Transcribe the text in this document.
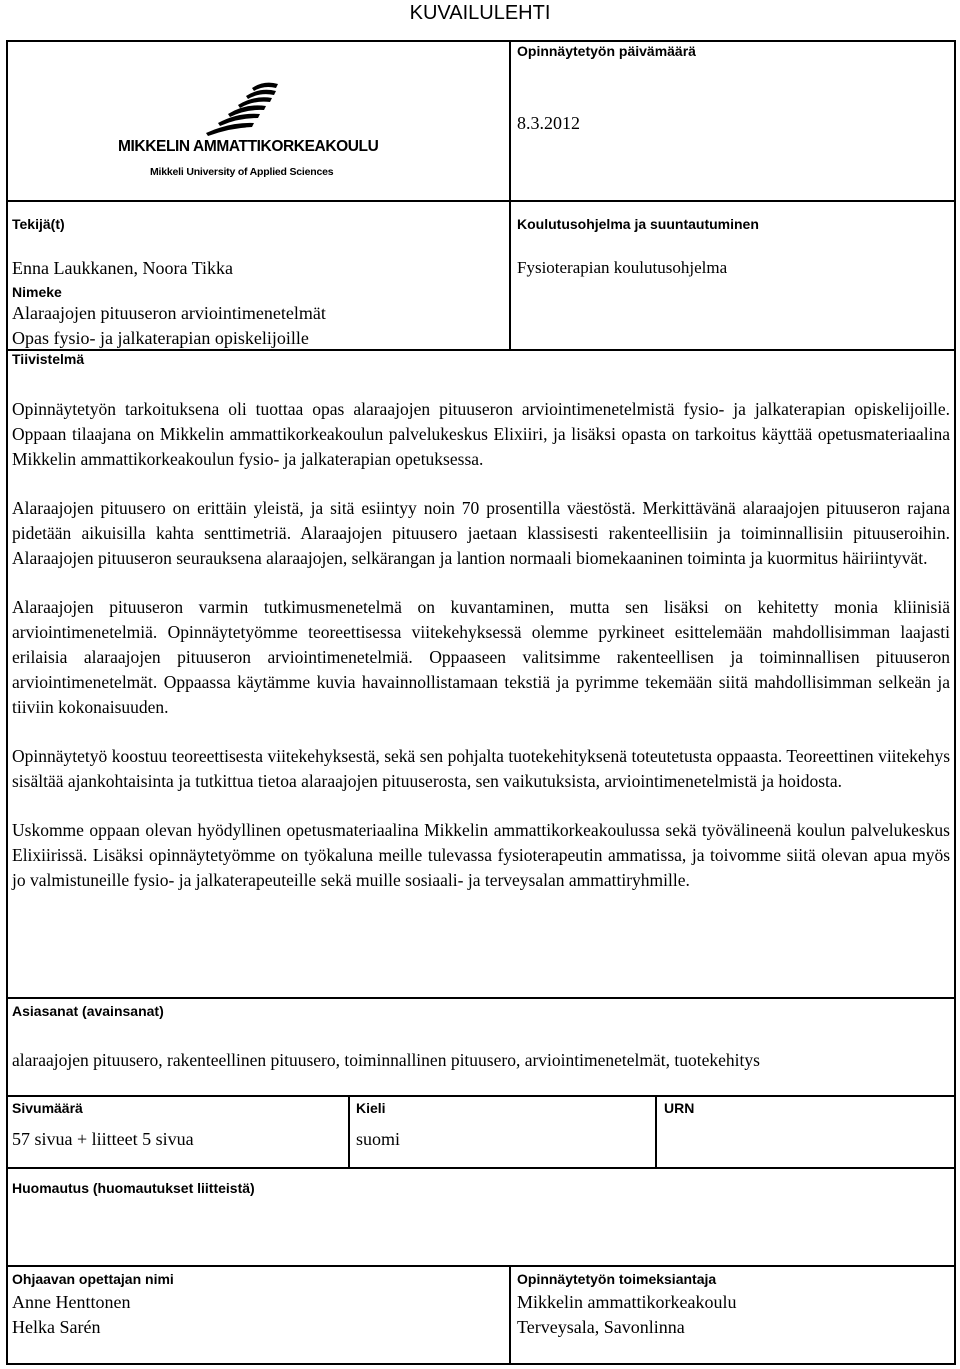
KUVAILULEHTI
MIKKELIN AMMATTIKORKEAKOULU
Mikkeli University of Applied Sciences
Opinnäytetyön päivämäärä
8.3.2012
Tekijä(t)
Enna Laukkanen, Noora Tikka
Koulutusohjelma ja suuntautuminen
Fysioterapian koulutusohjelma
Nimeke
Alaraajojen pituuseron arviointimenetelmät
Opas fysio- ja jalkaterapian opiskelijoille
Tiivistelmä

Opinnäytetyön tarkoituksena oli tuottaa opas alaraajojen pituuseron arviointimenetelmistä fysio- ja jalkaterapian opiskelijoille. Oppaan tilaajana on Mikkelin ammattikorkeakoulun palvelukeskus Elixiiri, ja lisäksi opasta on tarkoitus käyttää opetusmateriaalina Mikkelin ammattikorkeakoulun fysio- ja jalkaterapian opetuksessa.

Alaraajojen pituusero on erittäin yleistä, ja sitä esiintyy noin 70 prosentilla väestöstä. Merkittävänä alaraajojen pituuseron rajana pidetään aikuisilla kahta senttimetriä. Alaraajojen pituusero jaetaan klassisesti rakenteellisiin ja toiminnallisiin pituuseroihin. Alaraajojen pituuseron seurauksena alaraajojen, selkärangan ja lantion normaali biomekaaninen toiminta ja kuormitus häiriintyvät.

Alaraajojen pituuseron varmin tutkimusmenetelmä on kuvantaminen, mutta sen lisäksi on kehitetty monia kliinisiä arviointimenetelmiä. Opinnäytetyömme teoreettisessa viitekehyksessä olemme pyrkineet esittelemään mahdollisimman laajasti erilaisia alaraajojen pituuseron arviointimenetelmiä. Oppaaseen valitsimme rakenteellisen ja toiminnallisen pituuseron arviointimenetelmät. Oppaassa käytämme kuvia havainnollistamaan tekstiä ja pyrimme tekemään siitä mahdollisimman selkeän ja tiiviin kokonaisuuden.

Opinnäytetyö koostuu teoreettisesta viitekehyksestä, sekä sen pohjalta tuotekehityksenä toteutetusta oppaasta. Teoreettinen viitekehys sisältää ajankohtaisinta ja tutkittua tietoa alaraajojen pituuserosta, sen vaikutuksista, arviointimenetelmistä ja hoidosta.

Uskomme oppaan olevan hyödyllinen opetusmateriaalina Mikkelin ammattikorkeakoulussa sekä työvälineenä koulun palvelukeskus Elixiirissä. Lisäksi opinnäytetyömme on työkaluna meille tulevassa fysioterapeutin ammatissa, ja toivomme siitä olevan apua myös jo valmistuneille fysio- ja jalkaterapeuteille sekä muille sosiaali- ja terveysalan ammattiryhmille.

Asiasanat (avainsanat)
alaraajojen pituusero, rakenteellinen pituusero, toiminnallinen pituusero, arviointimenetelmät, tuotekehitys
Sivumäärä
57 sivua + liitteet 5 sivua
Kieli
suomi
URN
Huomautus (huomautukset liitteistä)
Ohjaavan opettajan nimi
Anne Henttonen
Helka Sarén
Opinnäytetyön toimeksiantaja
Mikkelin ammattikorkeakoulu
Terveysala, Savonlinna
